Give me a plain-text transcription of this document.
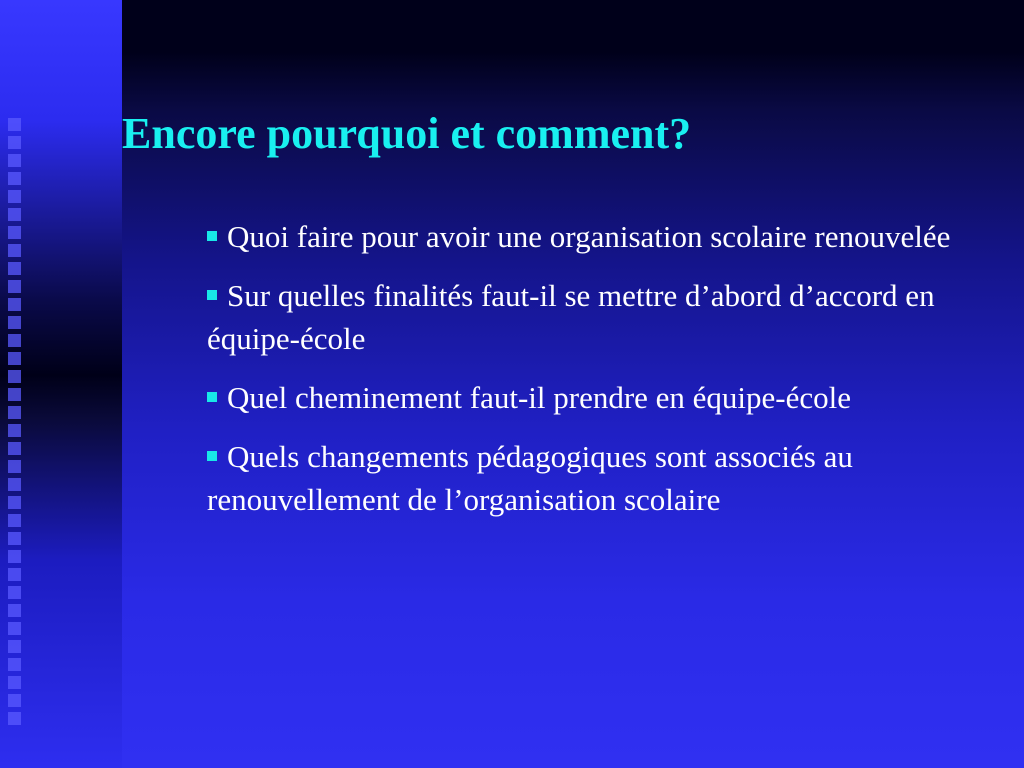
Encore pourquoi et comment?
Quoi faire pour avoir une organisation scolaire renouvelée
Sur quelles finalités faut-il se mettre d’abord d’accord en équipe-école
Quel cheminement faut-il prendre en équipe-école
Quels changements pédagogiques sont associés au renouvellement de l’organisation scolaire
